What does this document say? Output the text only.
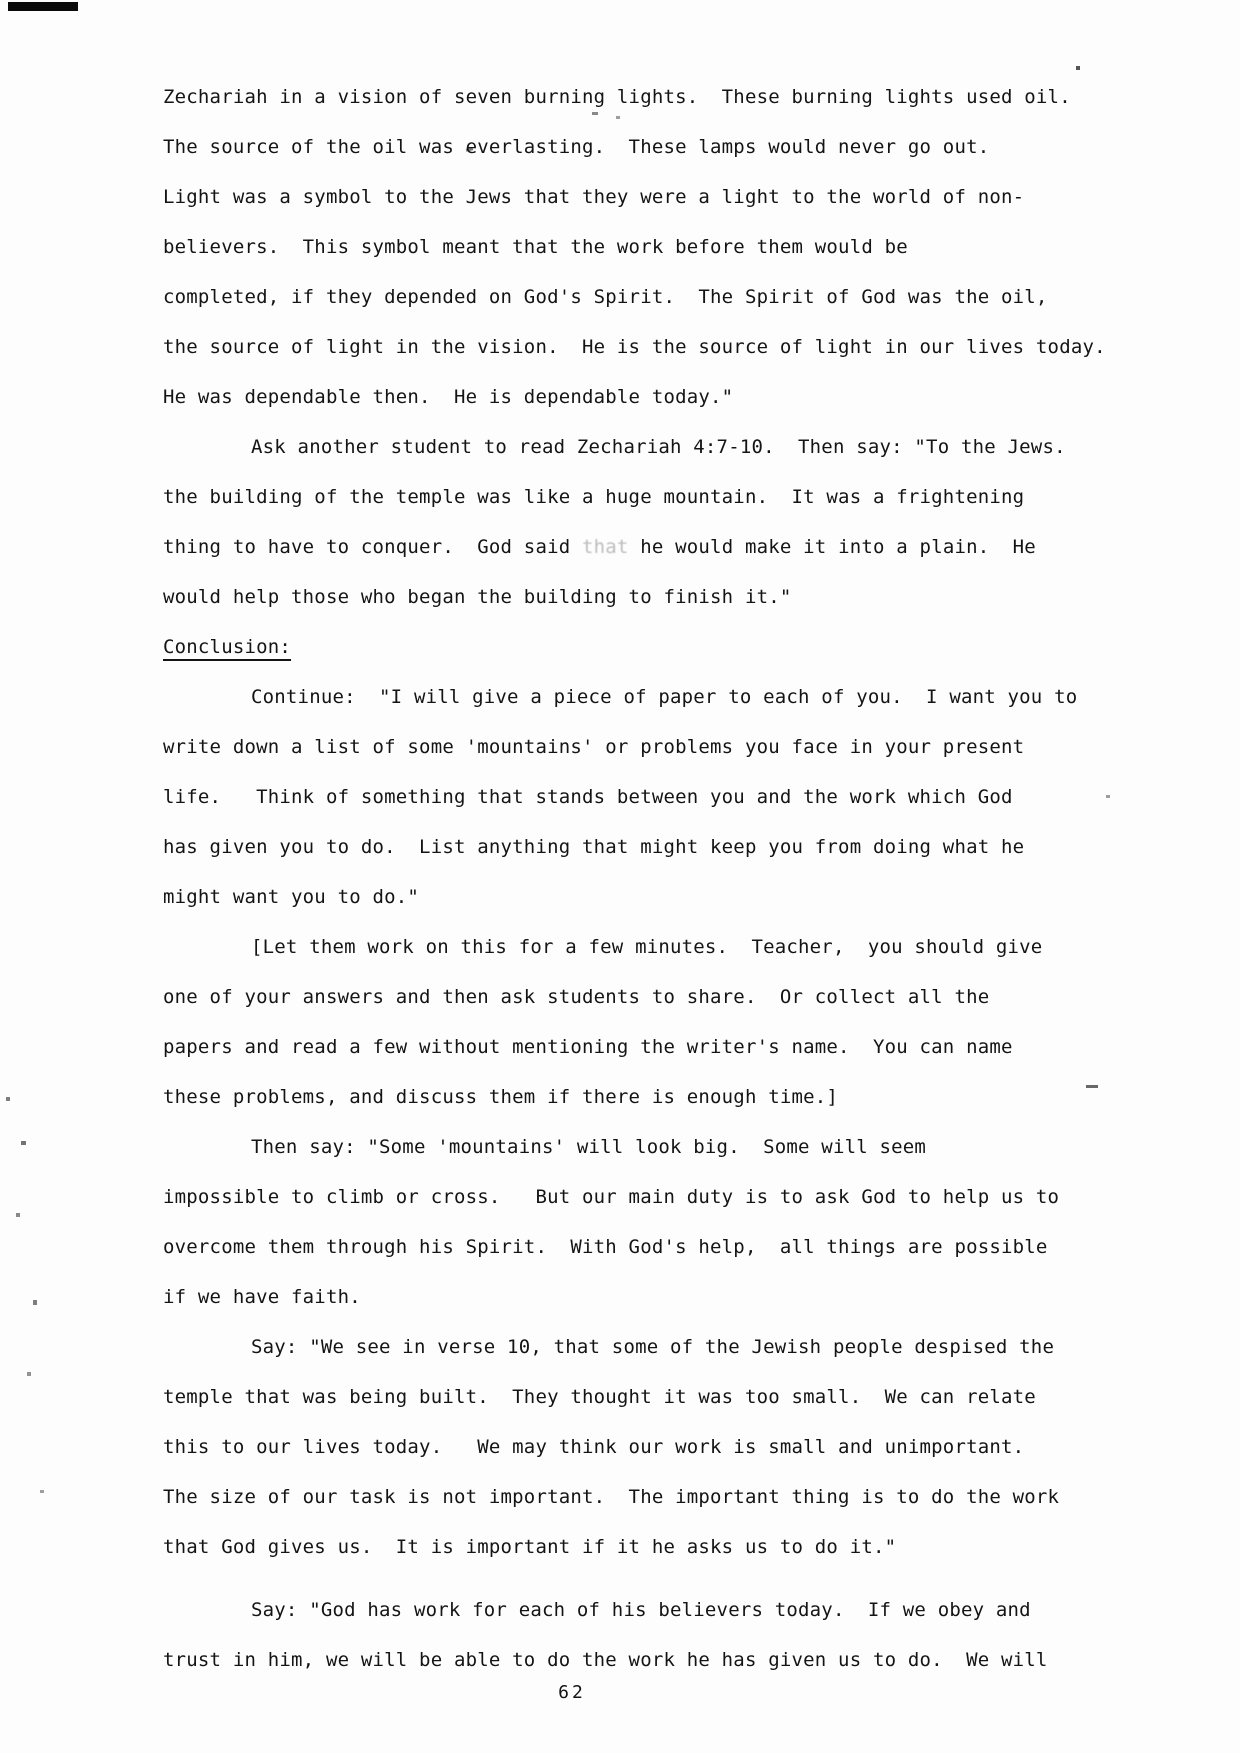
Zechariah in a vision of seven burning lights.  These burning lights used oil.
The source of the oil was everlasting.  These lamps would never go out.
Light was a symbol to the Jews that they were a light to the world of non-
believers.  This symbol meant that the work before them would be
completed, if they depended on God's Spirit.  The Spirit of God was the oil,
the source of light in the vision.  He is the source of light in our lives today.
He was dependable then.  He is dependable today."
Ask another student to read Zechariah 4:7-10.  Then say: "To the Jews.
the building of the temple was like a huge mountain.  It was a frightening
thing to have to conquer.  God said that he would make it into a plain.  He
would help those who began the building to finish it."
Conclusion:
Continue:  "I will give a piece of paper to each of you.  I want you to
write down a list of some 'mountains' or problems you face in your present
life.   Think of something that stands between you and the work which God
has given you to do.  List anything that might keep you from doing what he
might want you to do."
[Let them work on this for a few minutes.  Teacher,  you should give
one of your answers and then ask students to share.  Or collect all the
papers and read a few without mentioning the writer's name.  You can name
these problems, and discuss them if there is enough time.]
Then say: "Some 'mountains' will look big.  Some will seem
impossible to climb or cross.   But our main duty is to ask God to help us to
overcome them through his Spirit.  With God's help,  all things are possible
if we have faith.
Say: "We see in verse 10, that some of the Jewish people despised the
temple that was being built.  They thought it was too small.  We can relate
this to our lives today.   We may think our work is small and unimportant.
The size of our task is not important.  The important thing is to do the work
that God gives us.  It is important if it he asks us to do it."
Say: "God has work for each of his believers today.  If we obey and
trust in him, we will be able to do the work he has given us to do.  We will
62
